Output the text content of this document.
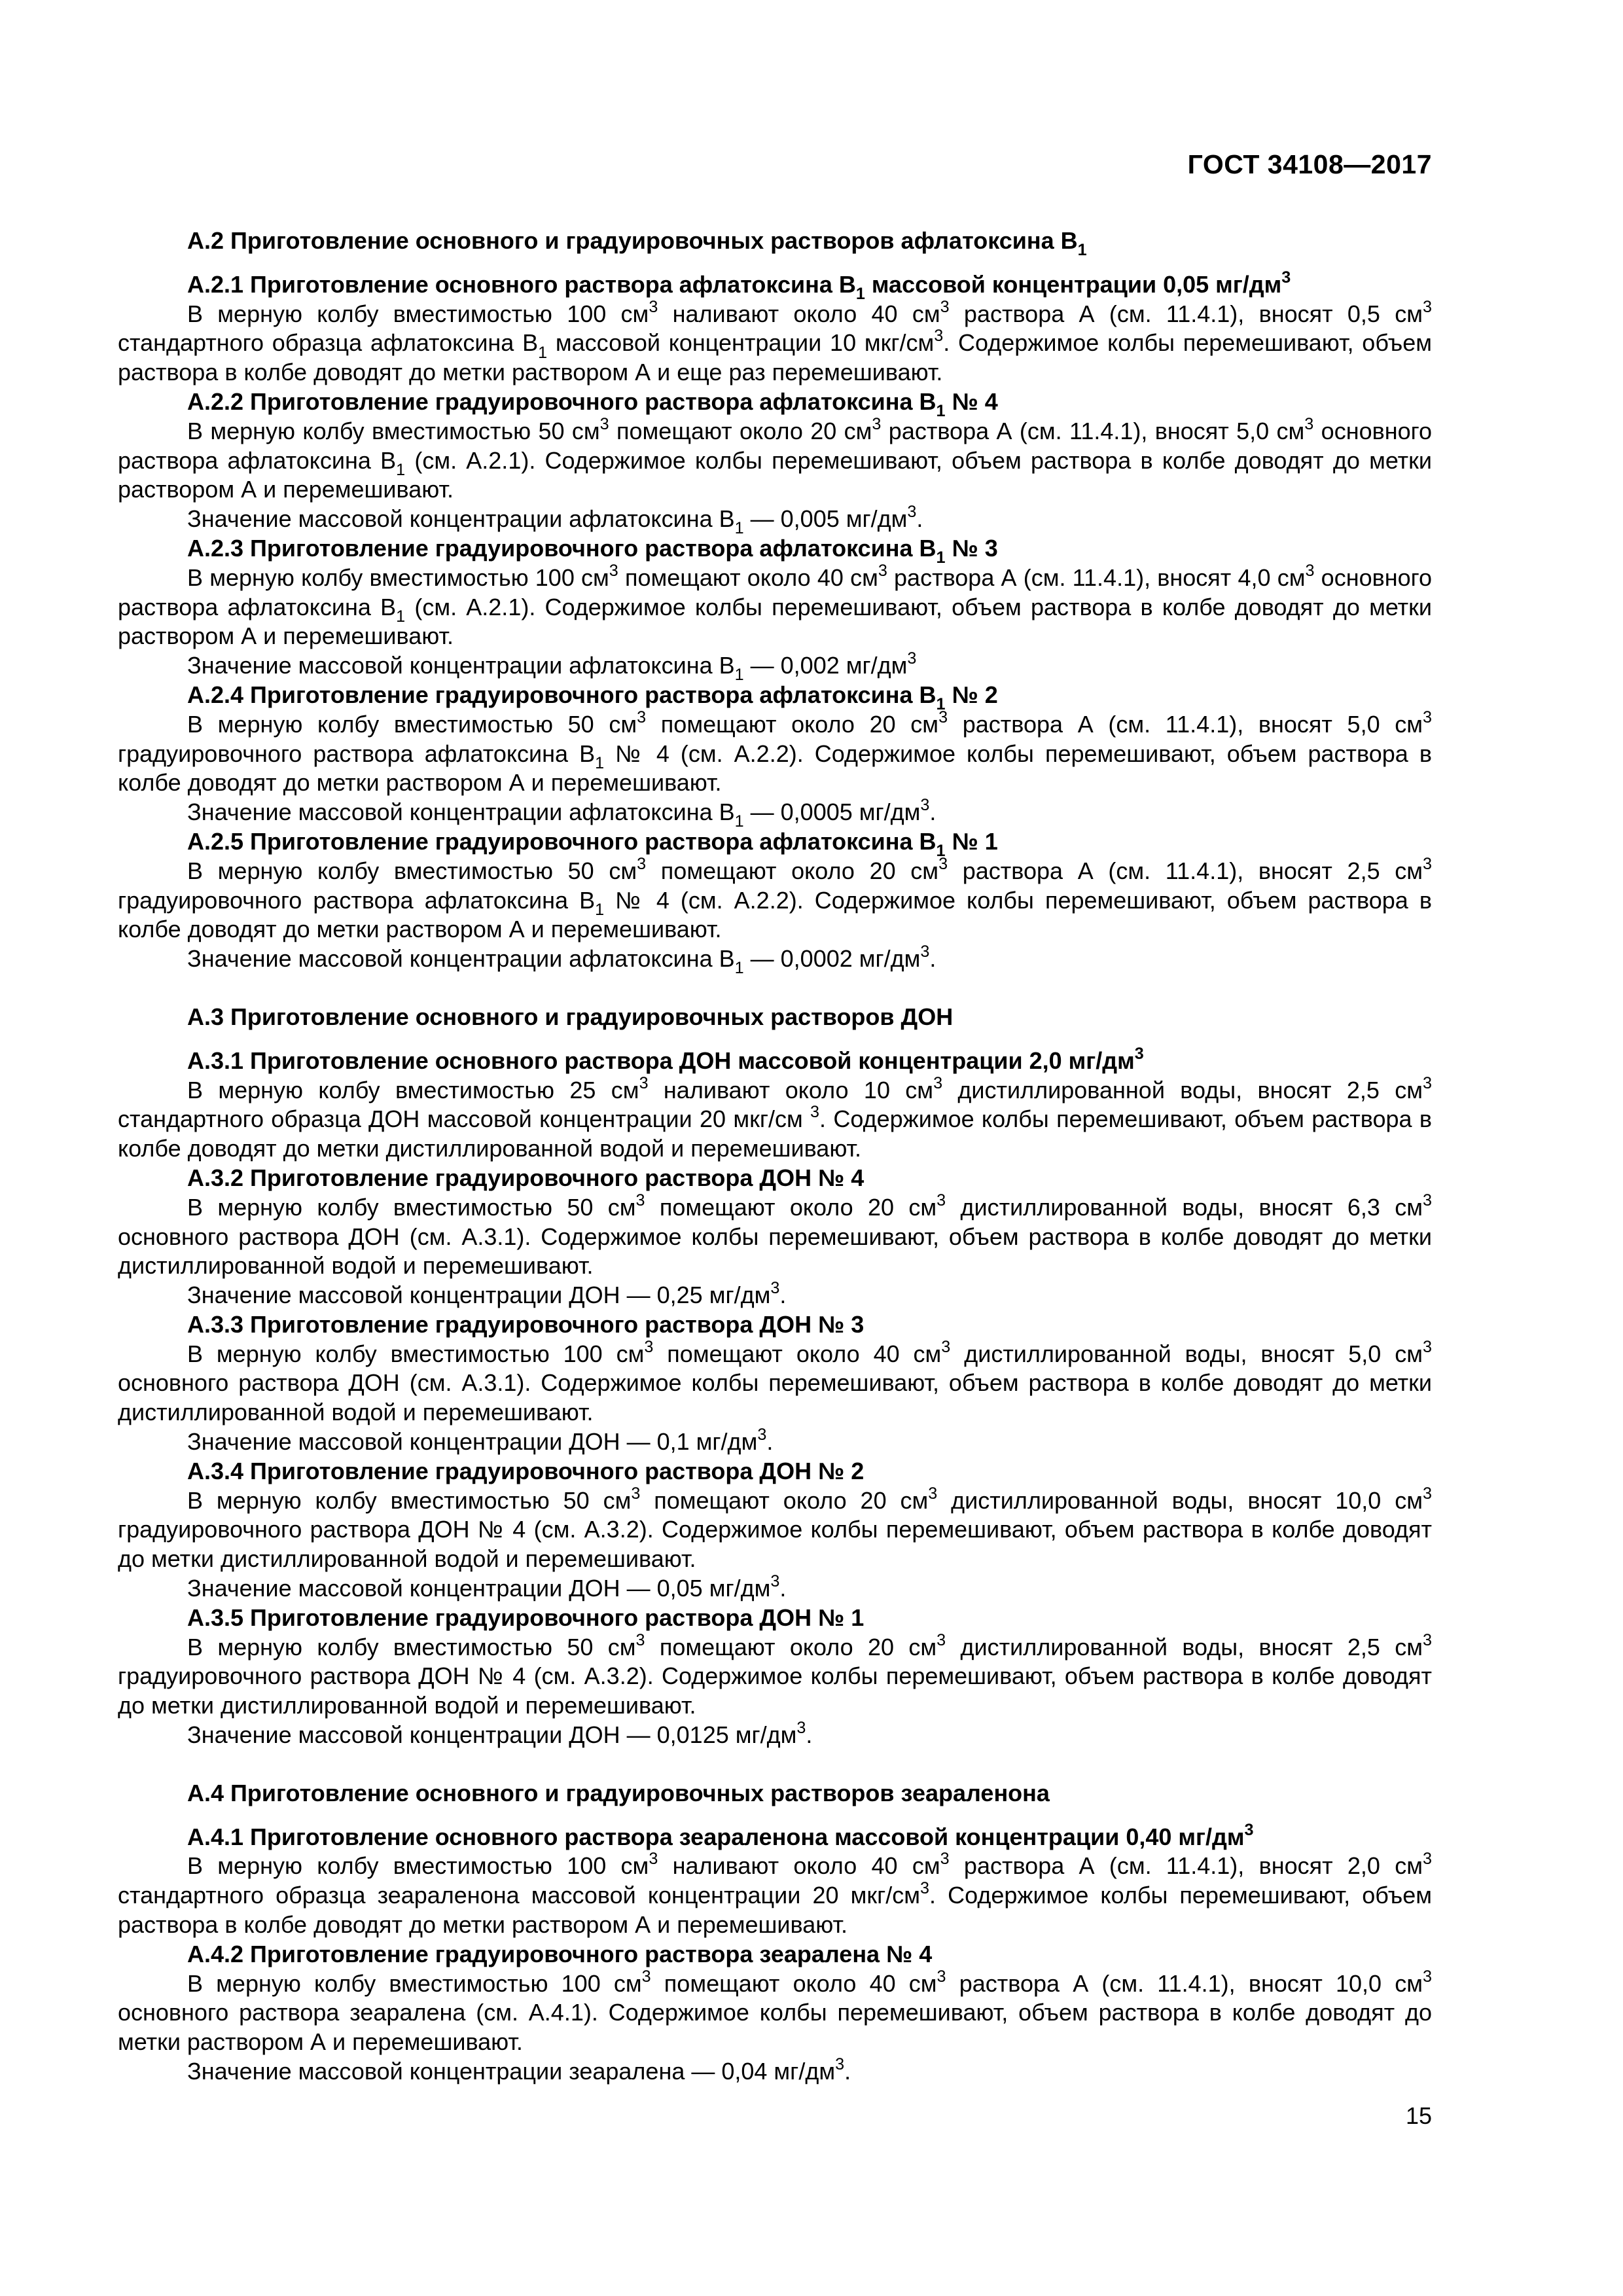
ГОСТ 34108—2017
А.2 Приготовление основного и градуировочных растворов афлатоксина $В_1$
А.2.1 Приготовление основного раствора афлатоксина $В_1$ массовой концентрации 0,05 $мг/дм^3$
В мерную колбу вместимостью 100 $см^3$ наливают около 40 $см^3$ раствора А (см. 11.4.1), вносят 0,5 $см^3$ стандартного образца афлатоксина $В_1$ массовой концентрации 10 мкг/$см^3$. Содержимое колбы перемешивают, объем раствора в колбе доводят до метки раствором А и еще раз перемешивают.
А.2.2 Приготовление градуировочного раствора афлатоксина $В_1$ № 4
В мерную колбу вместимостью 50 $см^3$ помещают около 20 $см^3$ раствора А (см. 11.4.1), вносят 5,0 $см^3$ основного раствора афлатоксина $В_1$ (см. А.2.1). Содержимое колбы перемешивают, объем раствора в колбе доводят до метки раствором А и перемешивают.
Значение массовой концентрации афлатоксина $В_1$ — 0,005 $мг/дм^3$.
А.2.3 Приготовление градуировочного раствора афлатоксина $В_1$ № 3
В мерную колбу вместимостью 100 $см^3$ помещают около 40 $см^3$ раствора А (см. 11.4.1), вносят 4,0 $см^3$ основного раствора афлатоксина $В_1$ (см. А.2.1). Содержимое колбы перемешивают, объем раствора в колбе доводят до метки раствором А и перемешивают.
Значение массовой концентрации афлатоксина $В_1$ — 0,002 $мг/дм^3$
А.2.4 Приготовление градуировочного раствора афлатоксина $В_1$ № 2
В мерную колбу вместимостью 50 $см^3$ помещают около 20 $см^3$ раствора А (см. 11.4.1), вносят 5,0 $см^3$ градуировочного раствора афлатоксина $В_1$ № 4 (см. А.2.2). Содержимое колбы перемешивают, объем раствора в колбе доводят до метки раствором А и перемешивают.
Значение массовой концентрации афлатоксина $В_1$ — 0,0005 $мг/дм^3$.
А.2.5 Приготовление градуировочного раствора афлатоксина $В_1$ № 1
В мерную колбу вместимостью 50 $см^3$ помещают около 20 $см^3$ раствора А (см. 11.4.1), вносят 2,5 $см^3$ градуировочного раствора афлатоксина $В_1$ № 4 (см. А.2.2). Содержимое колбы перемешивают, объем раствора в колбе доводят до метки раствором А и перемешивают.
Значение массовой концентрации афлатоксина $В_1$ — 0,0002 $мг/дм^3$.
А.3 Приготовление основного и градуировочных растворов ДОН
А.3.1 Приготовление основного раствора ДОН массовой концентрации 2,0 $мг/дм^3$
В мерную колбу вместимостью 25 $см^3$ наливают около 10 $см^3$ дистиллированной воды, вносят 2,5 $см^3$ стандартного образца ДОН массовой концентрации 20 мкг/см $^3$. Содержимое колбы перемешивают, объем раствора в колбе доводят до метки дистиллированной водой и перемешивают.
А.3.2 Приготовление градуировочного раствора ДОН № 4
В мерную колбу вместимостью 50 $см^3$ помещают около 20 $см^3$ дистиллированной воды, вносят 6,3 $см^3$ основного раствора ДОН (см. А.3.1). Содержимое колбы перемешивают, объем раствора в колбе доводят до метки дистиллированной водой и перемешивают.
Значение массовой концентрации ДОН — 0,25 $мг/дм^3$.
А.3.3 Приготовление градуировочного раствора ДОН № 3
В мерную колбу вместимостью 100 $см^3$ помещают около 40 $см^3$ дистиллированной воды, вносят 5,0 $см^3$ основного раствора ДОН (см. А.3.1). Содержимое колбы перемешивают, объем раствора в колбе доводят до метки дистиллированной водой и перемешивают.
Значение массовой концентрации ДОН — 0,1 $мг/дм^3$.
А.3.4 Приготовление градуировочного раствора ДОН № 2
В мерную колбу вместимостью 50 $см^3$ помещают около 20 $см^3$ дистиллированной воды, вносят 10,0 $см^3$ градуировочного раствора ДОН № 4 (см. А.3.2). Содержимое колбы перемешивают, объем раствора в колбе доводят до метки дистиллированной водой и перемешивают.
Значение массовой концентрации ДОН — 0,05 $мг/дм^3$.
А.3.5 Приготовление градуировочного раствора ДОН № 1
В мерную колбу вместимостью 50 $см^3$ помещают около 20 $см^3$ дистиллированной воды, вносят 2,5 $см^3$ градуировочного раствора ДОН № 4 (см. А.3.2). Содержимое колбы перемешивают, объем раствора в колбе доводят до метки дистиллированной водой и перемешивают.
Значение массовой концентрации ДОН — 0,0125 $мг/дм^3$.
А.4 Приготовление основного и градуировочных растворов зеараленона
А.4.1 Приготовление основного раствора зеараленона массовой концентрации 0,40 $мг/дм^3$
В мерную колбу вместимостью 100 $см^3$ наливают около 40 $см^3$ раствора А (см. 11.4.1), вносят 2,0 $см^3$ стандартного образца зеараленона массовой концентрации 20 мкг/$см^3$. Содержимое колбы перемешивают, объем раствора в колбе доводят до метки раствором А и перемешивают.
А.4.2 Приготовление градуировочного раствора зеаралена № 4
В мерную колбу вместимостью 100 $см^3$ помещают около 40 $см^3$ раствора А (см. 11.4.1), вносят 10,0 $см^3$ основного раствора зеаралена (см. А.4.1). Содержимое колбы перемешивают, объем раствора в колбе доводят до метки раствором А и перемешивают.
Значение массовой концентрации зеаралена — 0,04 $мг/дм^3$.
15
